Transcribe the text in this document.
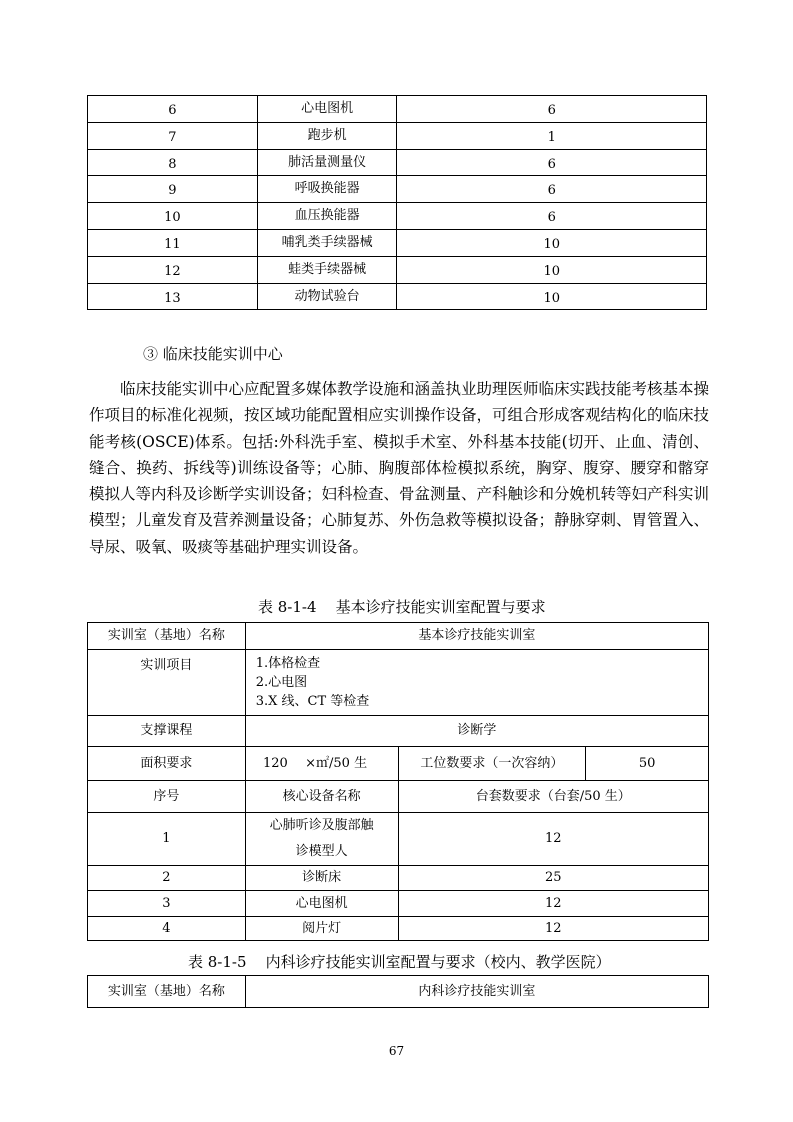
6	心电图机	6
7	跑步机	1
8	肺活量测量仪	6
9	呼吸换能器	6
10	血压换能器	6
11	哺乳类手续器械	10
12	蛙类手续器械	10
13	动物试验台	10
③ 临床技能实训中心

临床技能实训中心应配置多媒体教学设施和涵盖执业助理医师临床实践技能考核基本操作项目的标准化视频，按区域功能配置相应实训操作设备，可组合形成客观结构化的临床技能考核(OSCE)体系。包括:外科洗手室、模拟手术室、外科基本技能(切开、止血、清创、缝合、换药、拆线等)训练设备等；心肺、胸腹部体检模拟系统，胸穿、腹穿、腰穿和髂穿模拟人等内科及诊断学实训设备；妇科检查、骨盆测量、产科触诊和分娩机转等妇产科实训模型；儿童发育及营养测量设备；心肺复苏、外伤急救等模拟设备；静脉穿刺、胃管置入、导尿、吸氧、吸痰等基础护理实训设备。

表 8-1-4    基本诊疗技能实训室配置与要求
实训室（基地）名称	基本诊疗技能实训室			
实训项目	1.体格检查
2.心电图
3.X 线、CT 等检查			

支撑课程	诊断学			
面积要求	120	×㎡/50 生	工位数要求（一次容纳）	50
序号	核心设备名称		台套数要求（台套/50 生）	
1	心肺听诊及腹部触诊模型人		12	
2	诊断床		25	
3	心电图机		12	
4	阅片灯		12	
表 8-1-5    内科诊疗技能实训室配置与要求（校内、教学医院）
实训室（基地）名称	内科诊疗技能实训室
67
